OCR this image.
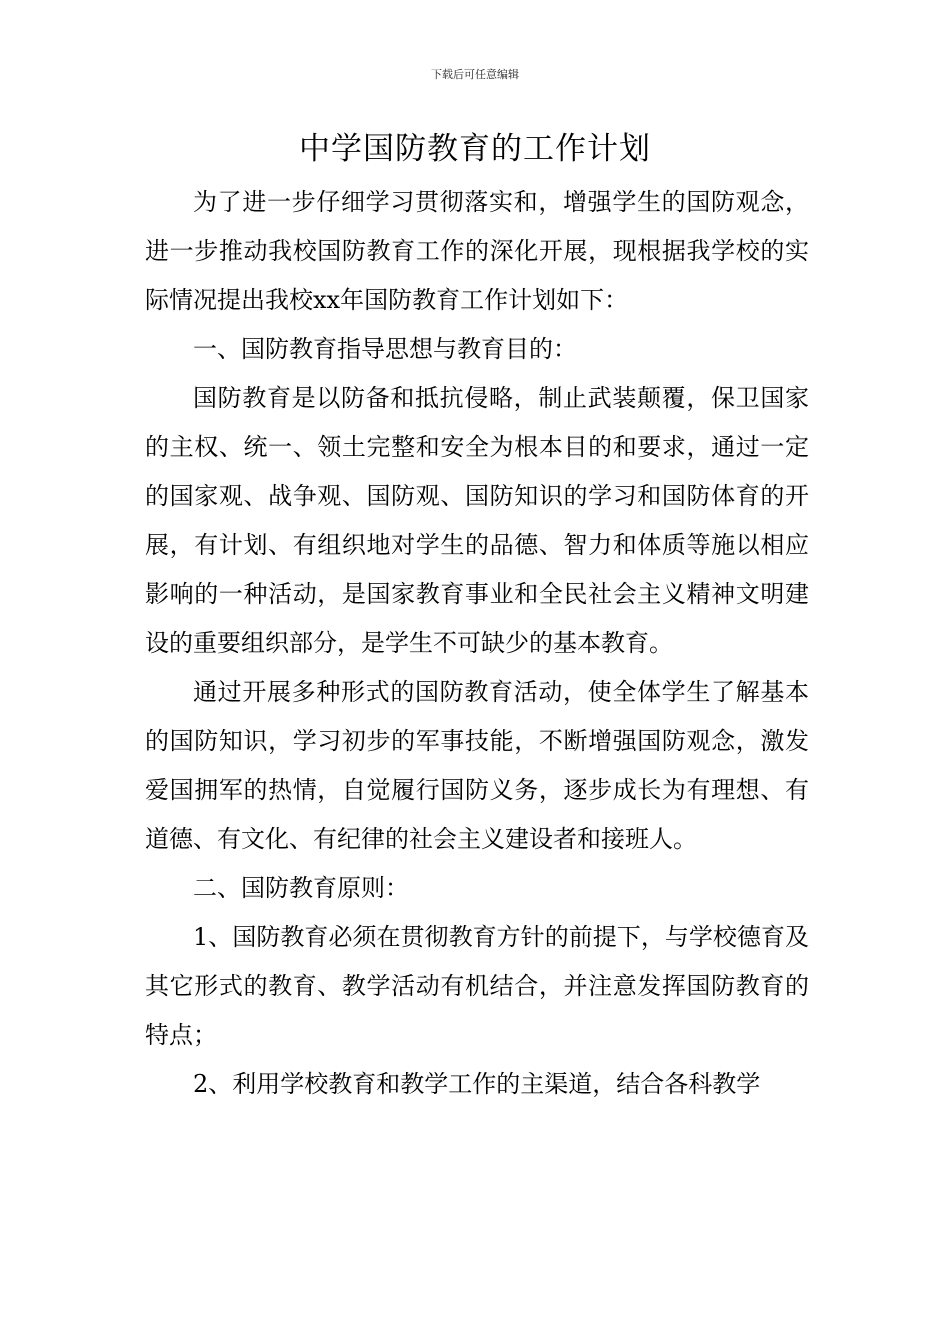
下载后可任意编辑
中学国防教育的工作计划

为了进一步仔细学习贯彻落实和，增强学生的国防观念，进一步推动我校国防教育工作的深化开展，现根据我学校的实际情况提出我校xx年国防教育工作计划如下：

一、国防教育指导思想与教育目的：

国防教育是以防备和抵抗侵略，制止武装颠覆，保卫国家的主权、统一、领土完整和安全为根本目的和要求，通过一定的国家观、战争观、国防观、国防知识的学习和国防体育的开展，有计划、有组织地对学生的品德、智力和体质等施以相应影响的一种活动，是国家教育事业和全民社会主义精神文明建设的重要组织部分，是学生不可缺少的基本教育。

通过开展多种形式的国防教育活动，使全体学生了解基本的国防知识，学习初步的军事技能，不断增强国防观念，激发爱国拥军的热情，自觉履行国防义务，逐步成长为有理想、有道德、有文化、有纪律的社会主义建设者和接班人。

二、国防教育原则：

1、国防教育必须在贯彻教育方针的前提下，与学校德育及其它形式的教育、教学活动有机结合，并注意发挥国防教育的特点；

2、利用学校教育和教学工作的主渠道，结合各科教学
